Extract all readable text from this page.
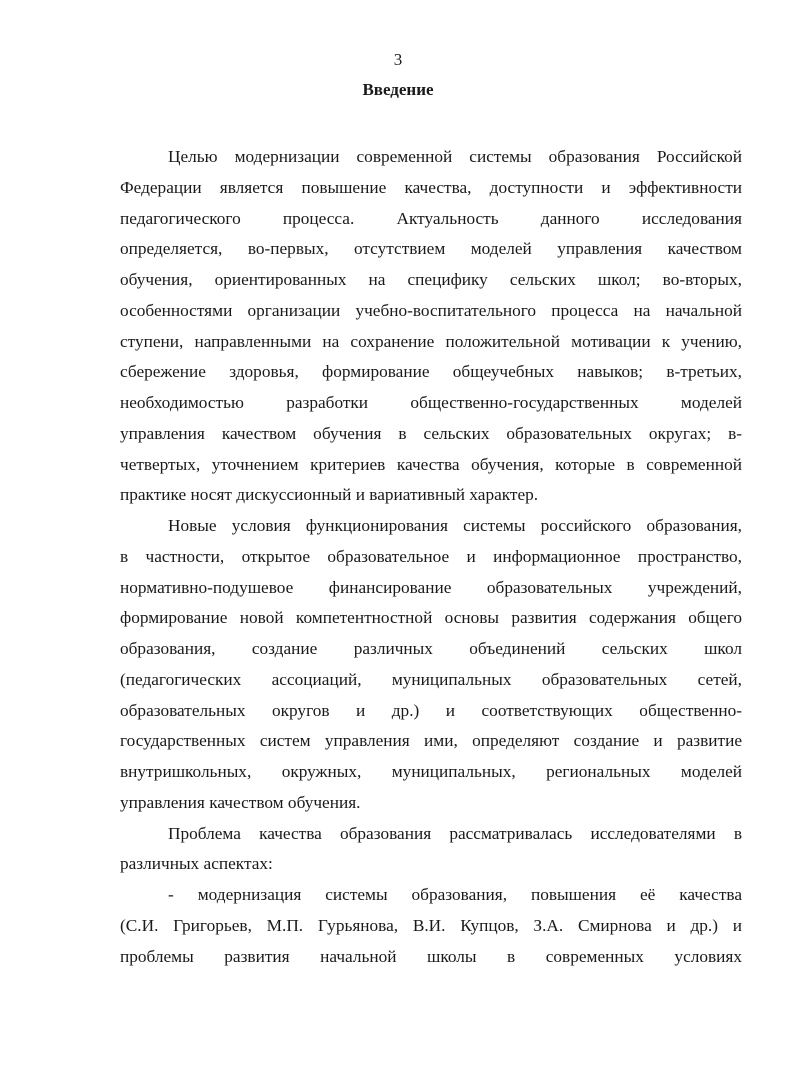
3
Введение
Целью модернизации современной системы образования Российской
Федерации является повышение качества, доступности и эффективности
педагогического процесса. Актуальность данного исследования
определяется, во-первых, отсутствием моделей управления качеством
обучения, ориентированных на специфику сельских школ; во-вторых,
особенностями организации учебно-воспитательного процесса на начальной
ступени, направленными на сохранение положительной мотивации к учению,
сбережение здоровья, формирование общеучебных навыков; в-третьих,
необходимостью разработки общественно-государственных моделей
управления качеством обучения в сельских образовательных округах; в-
четвертых, уточнением критериев качества обучения, которые в современной
практике носят дискуссионный и вариативный характер.
Новые условия функционирования системы российского образования,
в частности, открытое образовательное и информационное пространство,
нормативно-подушевое финансирование образовательных учреждений,
формирование новой компетентностной основы развития содержания общего
образования, создание различных объединений сельских школ
(педагогических ассоциаций, муниципальных образовательных сетей,
образовательных округов и др.) и соответствующих общественно-
государственных систем управления ими, определяют создание и развитие
внутришкольных, окружных, муниципальных, региональных моделей
управления качеством обучения.
Проблема качества образования рассматривалась исследователями в
различных аспектах:
- модернизация системы образования, повышения её качества
(С.И. Григорьев, М.П. Гурьянова, В.И. Купцов, З.А. Смирнова и др.) и
проблемы развития начальной школы в современных условиях
